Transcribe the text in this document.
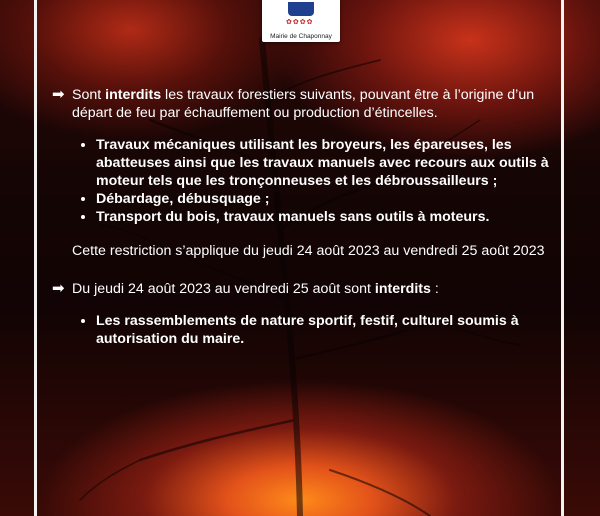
✿✿✿✿
Mairie de Chaponnay
➡ Sont interdits les travaux forestiers suivants, pouvant être à l’origine d’un départ de feu par échauffement ou production d’étincelles.
• Travaux mécaniques utilisant les broyeurs, les épareuses, les abatteuses ainsi que les travaux manuels avec recours aux outils à moteur tels que les tronçonneuses et les débroussailleurs ;
• Débardage, débusquage ;
• Transport du bois, travaux manuels sans outils à moteurs.
Cette restriction s’applique du jeudi 24 août 2023 au vendredi 25 août 2023
➡ Du jeudi 24 août 2023 au vendredi 25 août sont interdits :
• Les rassemblements de nature sportif, festif, culturel soumis à autorisation du maire.
